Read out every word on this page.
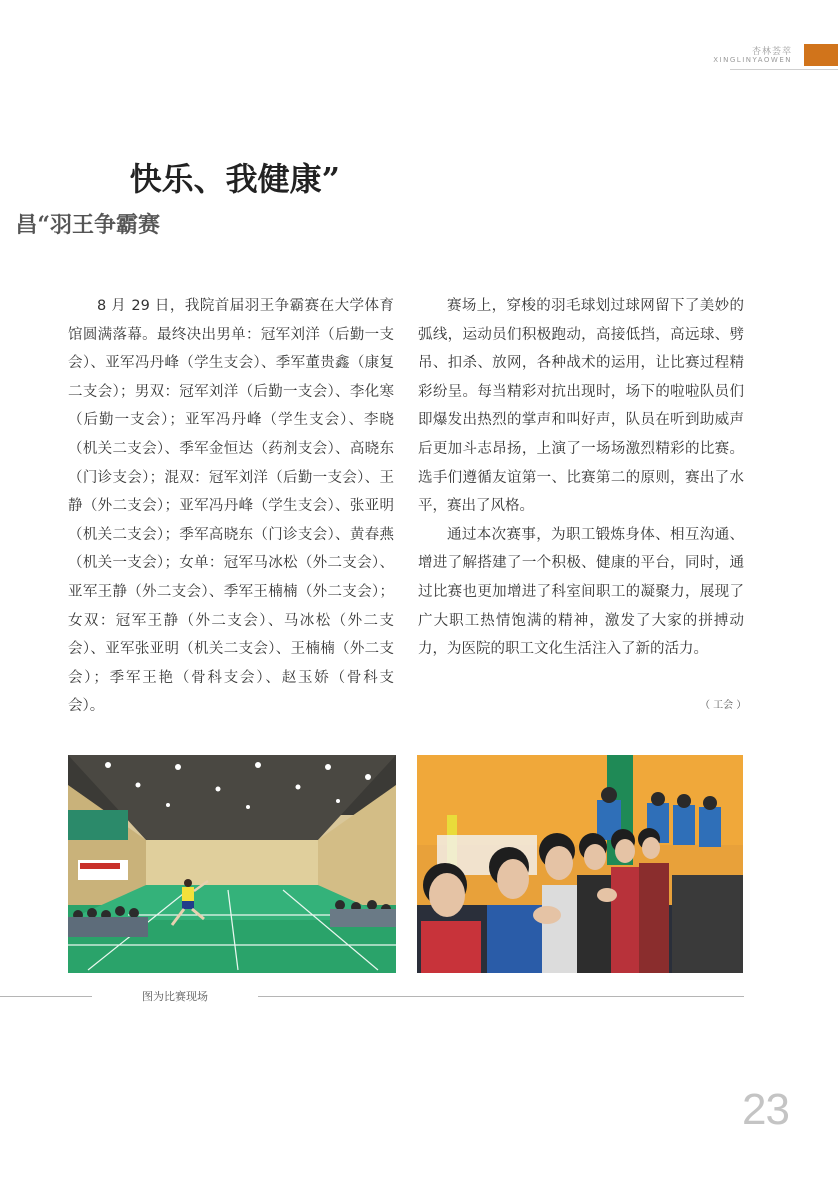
杏林荟萃
XINGLINYAOWEN
快乐、我健康”
昌“羽王争霸赛

8 月 29 日，我院首届羽王争霸赛在大学体育馆圆满落幕。最终决出男单：冠军刘洋（后勤一支会）、亚军冯丹峰（学生支会）、季军董贵鑫（康复二支会）；男双：冠军刘洋（后勤一支会）、李化寒（后勤一支会）；亚军冯丹峰（学生支会）、李晓（机关二支会）、季军金恒达（药剂支会）、高晓东（门诊支会）；混双：冠军刘洋（后勤一支会）、王静（外二支会）；亚军冯丹峰（学生支会）、张亚明（机关二支会）；季军高晓东（门诊支会）、黄春燕（机关一支会）；女单：冠军马冰松（外二支会）、亚军王静（外二支会）、季军王楠楠（外二支会）；女双：冠军王静（外二支会）、马冰松（外二支会）、亚军张亚明（机关二支会）、王楠楠（外二支会）；季军王艳（骨科支会）、赵玉娇（骨科支会）。

赛场上，穿梭的羽毛球划过球网留下了美妙的弧线，运动员们积极跑动，高接低挡，高远球、劈吊、扣杀、放网，各种战术的运用，让比赛过程精彩纷呈。每当精彩对抗出现时，场下的啦啦队员们即爆发出热烈的掌声和叫好声，队员在听到助威声后更加斗志昂扬，上演了一场场激烈精彩的比赛。选手们遵循友谊第一、比赛第二的原则，赛出了水平，赛出了风格。

通过本次赛事，为职工锻炼身体、相互沟通、增进了解搭建了一个积极、健康的平台，同时，通过比赛也更加增进了科室间职工的凝聚力，展现了广大职工热情饱满的精神，激发了大家的拼搏动力，为医院的职工文化生活注入了新的活力。

（ 工会 ）
图为比赛现场
23
